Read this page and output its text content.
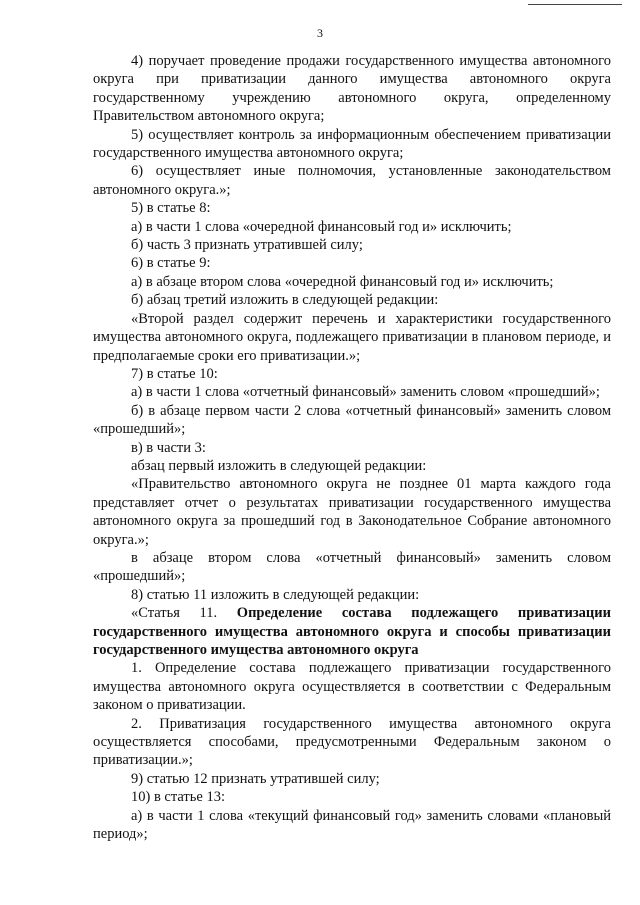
3

4) поручает проведение продажи государственного имущества автономного округа при приватизации данного имущества автономного округа государственному учреждению автономного округа, определенному Правительством автономного округа;

5) осуществляет контроль за информационным обеспечением приватизации государственного имущества автономного округа;

6) осуществляет иные полномочия, установленные законодательством автономного округа.»;

5) в статье 8:

а) в части 1 слова «очередной финансовый год и» исключить;

б) часть 3 признать утратившей силу;

6) в статье 9:

а) в абзаце втором слова «очередной финансовый год и» исключить;

б) абзац третий изложить в следующей редакции:

«Второй раздел содержит перечень и характеристики государственного имущества автономного округа, подлежащего приватизации в плановом периоде, и предполагаемые сроки его приватизации.»;

7) в статье 10:

а) в части 1 слова «отчетный финансовый» заменить словом «прошедший»;

б) в абзаце первом части 2 слова «отчетный финансовый» заменить словом «прошедший»;

в) в части 3:

абзац первый изложить в следующей редакции:

«Правительство автономного округа не позднее 01 марта каждого года представляет отчет о результатах приватизации государственного имущества автономного округа за прошедший год в Законодательное Собрание автономного округа.»;

в абзаце втором слова «отчетный финансовый» заменить словом «прошедший»;

8) статью 11 изложить в следующей редакции:

«Статья 11. Определение состава подлежащего приватизации государственного имущества автономного округа и способы приватизации государственного имущества автономного округа

1. Определение состава подлежащего приватизации государственного имущества автономного округа осуществляется в соответствии с Федеральным законом о приватизации.

2. Приватизация государственного имущества автономного округа осуществляется способами, предусмотренными Федеральным законом о приватизации.»;

9) статью 12 признать утратившей силу;

10) в статье 13:

а) в части 1 слова «текущий финансовый год» заменить словами «плановый период»;
